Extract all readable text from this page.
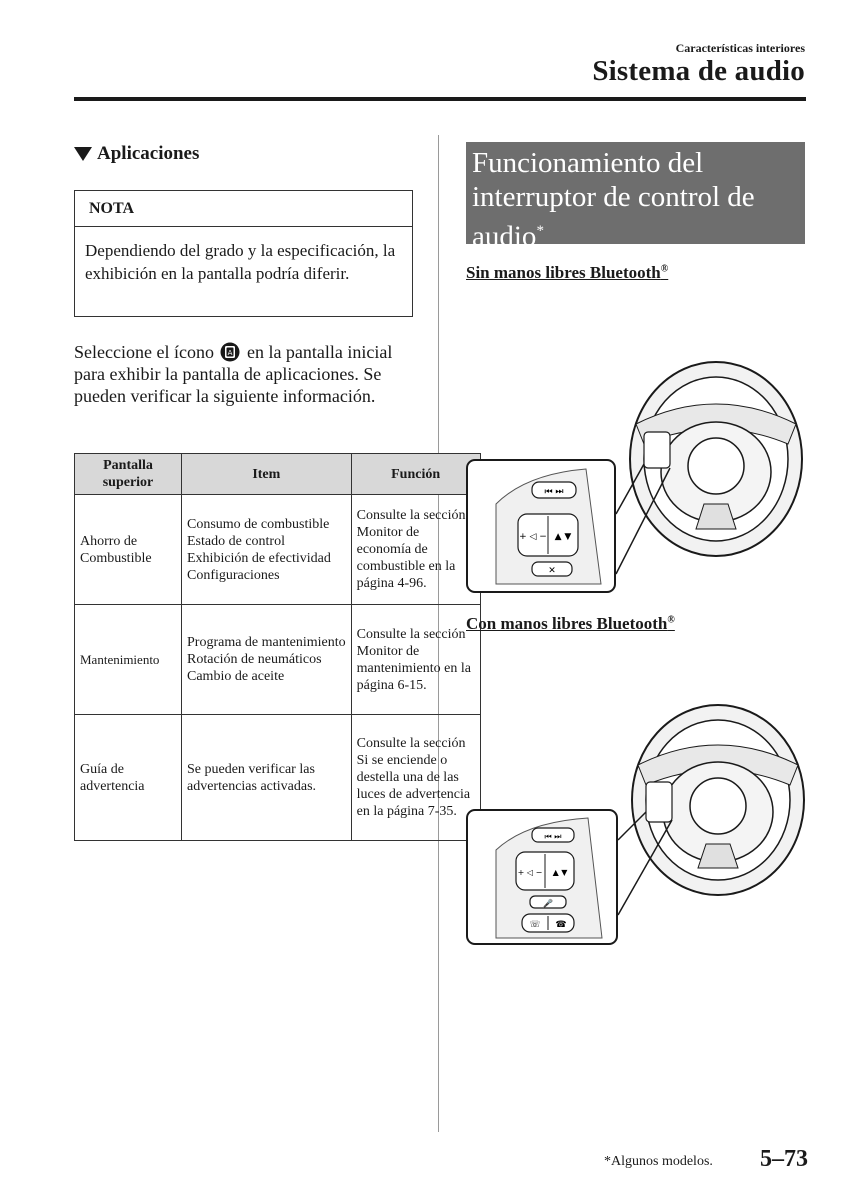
Características interiores
Sistema de audio
Aplicaciones
NOTA
Dependiendo del grado y la especificación, la exhibición en la pantalla podría diferir.
Seleccione el ícono A en la pantalla inicial para exhibir la pantalla de aplicaciones. Se pueden verificar la siguiente información.
Pantalla superior	Item	Función
Ahorro de Combustible	Consumo de combustible
Estado de control
Exhibición de efectividad
Configuraciones	Consulte la sección Monitor de economía de combustible en la página 4-96.
Mantenimiento	Programa de mantenimiento
Rotación de neumáticos
Cambio de aceite	Consulte la sección Monitor de mantenimiento en la página 6-15.
Guía de advertencia	Se pueden verificar las advertencias activadas.	Consulte la sección Si se enciende o destella una de las luces de advertencia en la página 7-35.
Funcionamiento del interruptor de control de audio*
Sin manos libres Bluetooth®
⏮ ⏭
+ ◁ − ▲ ▼
✕
Con manos libres Bluetooth®
⏮ ⏭
+ ◁ − ▲ ▼
🎤
☏ ☎
*Algunos modelos. 5–73
